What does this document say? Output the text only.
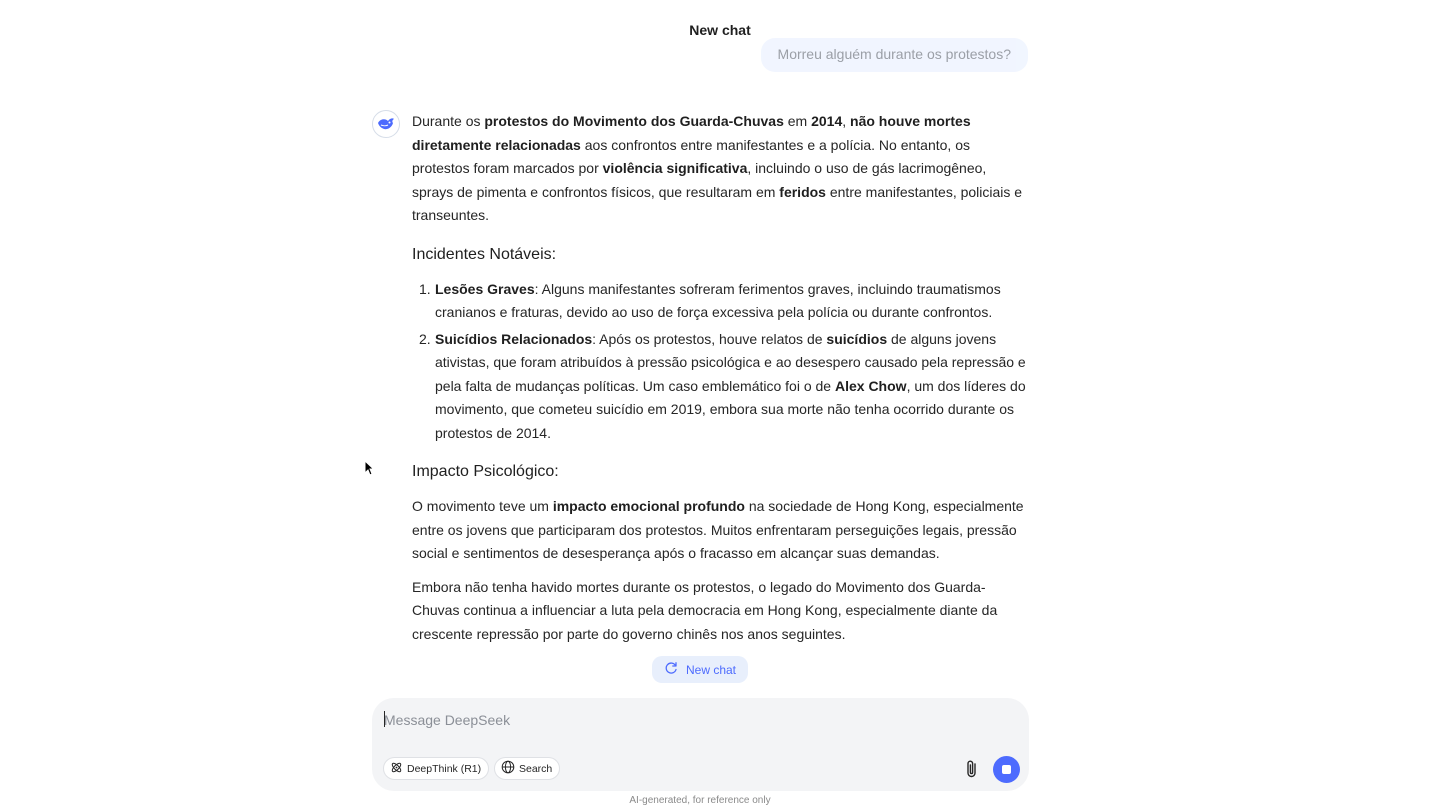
New chat
Morreu alguém durante os protestos?

Durante os protestos do Movimento dos Guarda-Chuvas em 2014, não houve mortes diretamente relacionadas aos confrontos entre manifestantes e a polícia. No entanto, os protestos foram marcados por violência significativa, incluindo o uso de gás lacrimogêneo, sprays de pimenta e confrontos físicos, que resultaram em feridos entre manifestantes, policiais e transeuntes.

Incidentes Notáveis:
1. Lesões Graves: Alguns manifestantes sofreram ferimentos graves, incluindo traumatismos cranianos e fraturas, devido ao uso de força excessiva pela polícia ou durante confrontos.
2. Suicídios Relacionados: Após os protestos, houve relatos de suicídios de alguns jovens ativistas, que foram atribuídos à pressão psicológica e ao desespero causado pela repressão e pela falta de mudanças políticas. Um caso emblemático foi o de Alex Chow, um dos líderes do movimento, que cometeu suicídio em 2019, embora sua morte não tenha ocorrido durante os protestos de 2014.
Impacto Psicológico:

O movimento teve um impacto emocional profundo na sociedade de Hong Kong, especialmente entre os jovens que participaram dos protestos. Muitos enfrentaram perseguições legais, pressão social e sentimentos de desesperança após o fracasso em alcançar suas demandas.

Embora não tenha havido mortes durante os protestos, o legado do Movimento dos Guarda-Chuvas continua a influenciar a luta pela democracia em Hong Kong, especialmente diante da crescente repressão por parte do governo chinês nos anos seguintes.

New chat
Message DeepSeek
DeepThink (R1)	Search
AI-generated, for reference only
